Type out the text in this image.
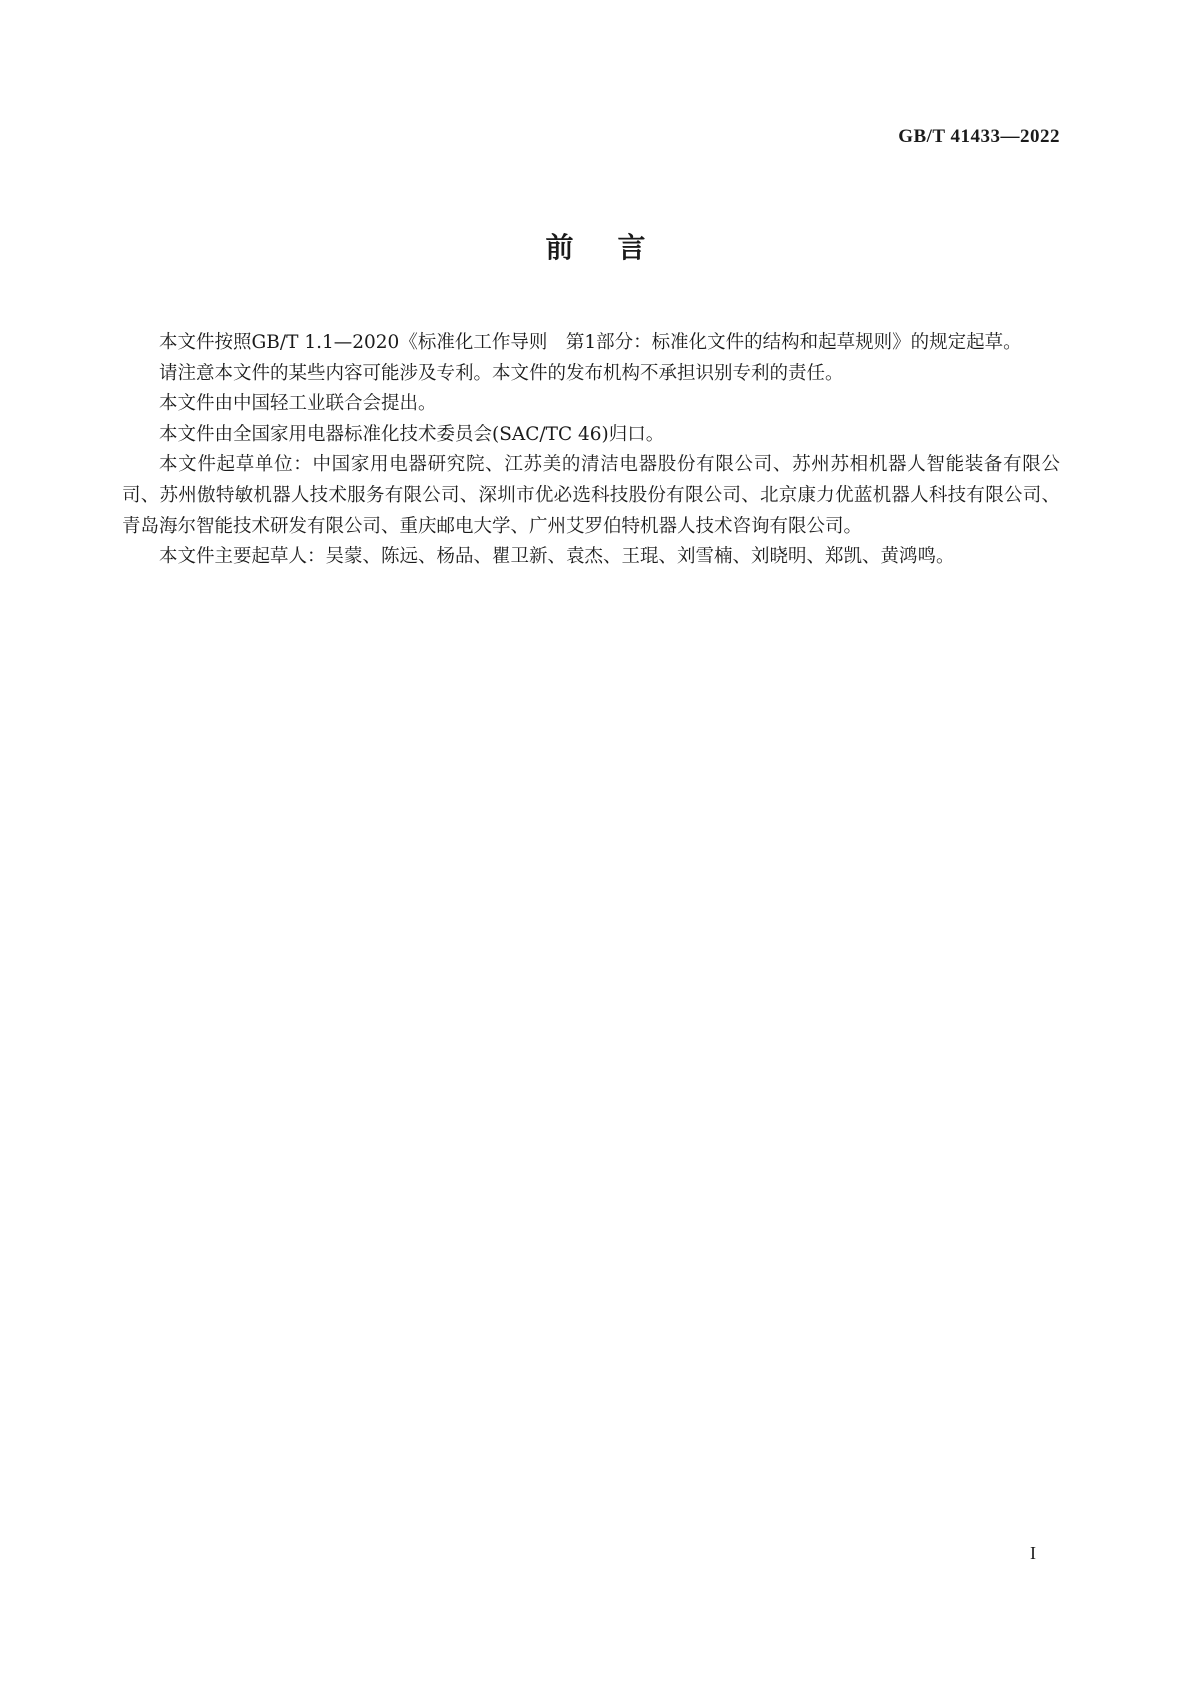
GB/T 41433—2022
前言

本文件按照GB/T 1.1—2020《标准化工作导则　第1部分：标准化文件的结构和起草规则》的规定起草。

请注意本文件的某些内容可能涉及专利。本文件的发布机构不承担识别专利的责任。

本文件由中国轻工业联合会提出。

本文件由全国家用电器标准化技术委员会(SAC/TC 46)归口。

本文件起草单位：中国家用电器研究院、江苏美的清洁电器股份有限公司、苏州苏相机器人智能装备有限公司、苏州傲特敏机器人技术服务有限公司、深圳市优必选科技股份有限公司、北京康力优蓝机器人科技有限公司、青岛海尔智能技术研发有限公司、重庆邮电大学、广州艾罗伯特机器人技术咨询有限公司。

本文件主要起草人：吴蒙、陈远、杨品、瞿卫新、袁杰、王琨、刘雪楠、刘晓明、郑凯、黄鸿鸣。

I
